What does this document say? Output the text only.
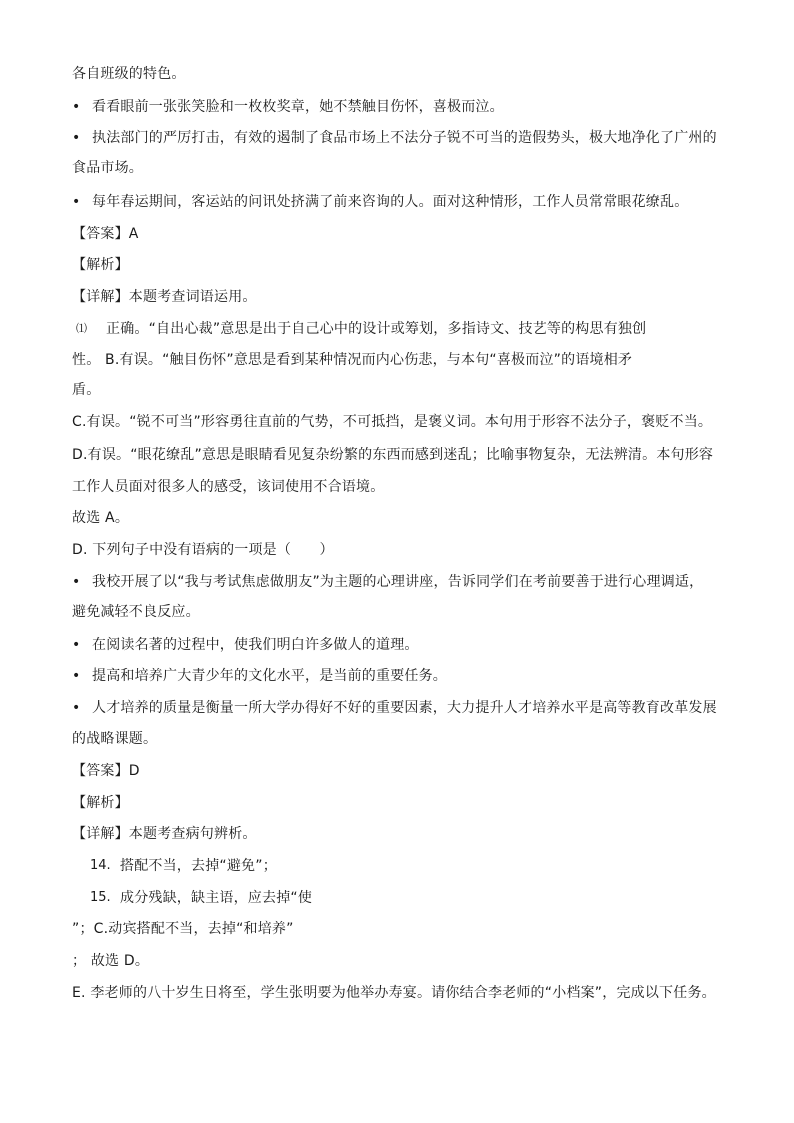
各自班级的特色。
• 看看眼前一张张笑脸和一枚枚奖章，她不禁触目伤怀，喜极而泣。
• 执法部门的严厉打击，有效的遏制了食品市场上不法分子锐不可当的造假势头，极大地净化了广州的
食品市场。
• 每年春运期间，客运站的问讯处挤满了前来咨询的人。面对这种情形，工作人员常常眼花缭乱。
【答案】A
【解析】
【详解】本题考查词语运用。
⑴ 正确。“自出心裁”意思是出于自己心中的设计或筹划，多指诗文、技艺等的构思有独创
性。 B.有误。“触目伤怀”意思是看到某种情况而内心伤悲，与本句“喜极而泣”的语境相矛
盾。
C.有误。“锐不可当”形容勇往直前的气势，不可抵挡，是褒义词。本句用于形容不法分子，褒贬不当。
D.有误。“眼花缭乱”意思是眼睛看见复杂纷繁的东西而感到迷乱；比喻事物复杂，无法辨清。本句形容
工作人员面对很多人的感受，该词使用不合语境。
故选 A。
D. 下列句子中没有语病的一项是（　　）
• 我校开展了以“我与考试焦虑做朋友”为主题的心理讲座，告诉同学们在考前要善于进行心理调适，
避免减轻不良反应。
• 在阅读名著的过程中，使我们明白许多做人的道理。
• 提高和培养广大青少年的文化水平，是当前的重要任务。
• 人才培养的质量是衡量一所大学办得好不好的重要因素，大力提升人才培养水平是高等教育改革发展
的战略课题。
【答案】D
【解析】
【详解】本题考查病句辨析。
14. 搭配不当，去掉“避免”；
15. 成分残缺，缺主语，应去掉“使
”；C.动宾搭配不当，去掉“和培养”
； 故选 D。
E. 李老师的八十岁生日将至，学生张明要为他举办寿宴。请你结合李老师的“小档案”，完成以下任务。
